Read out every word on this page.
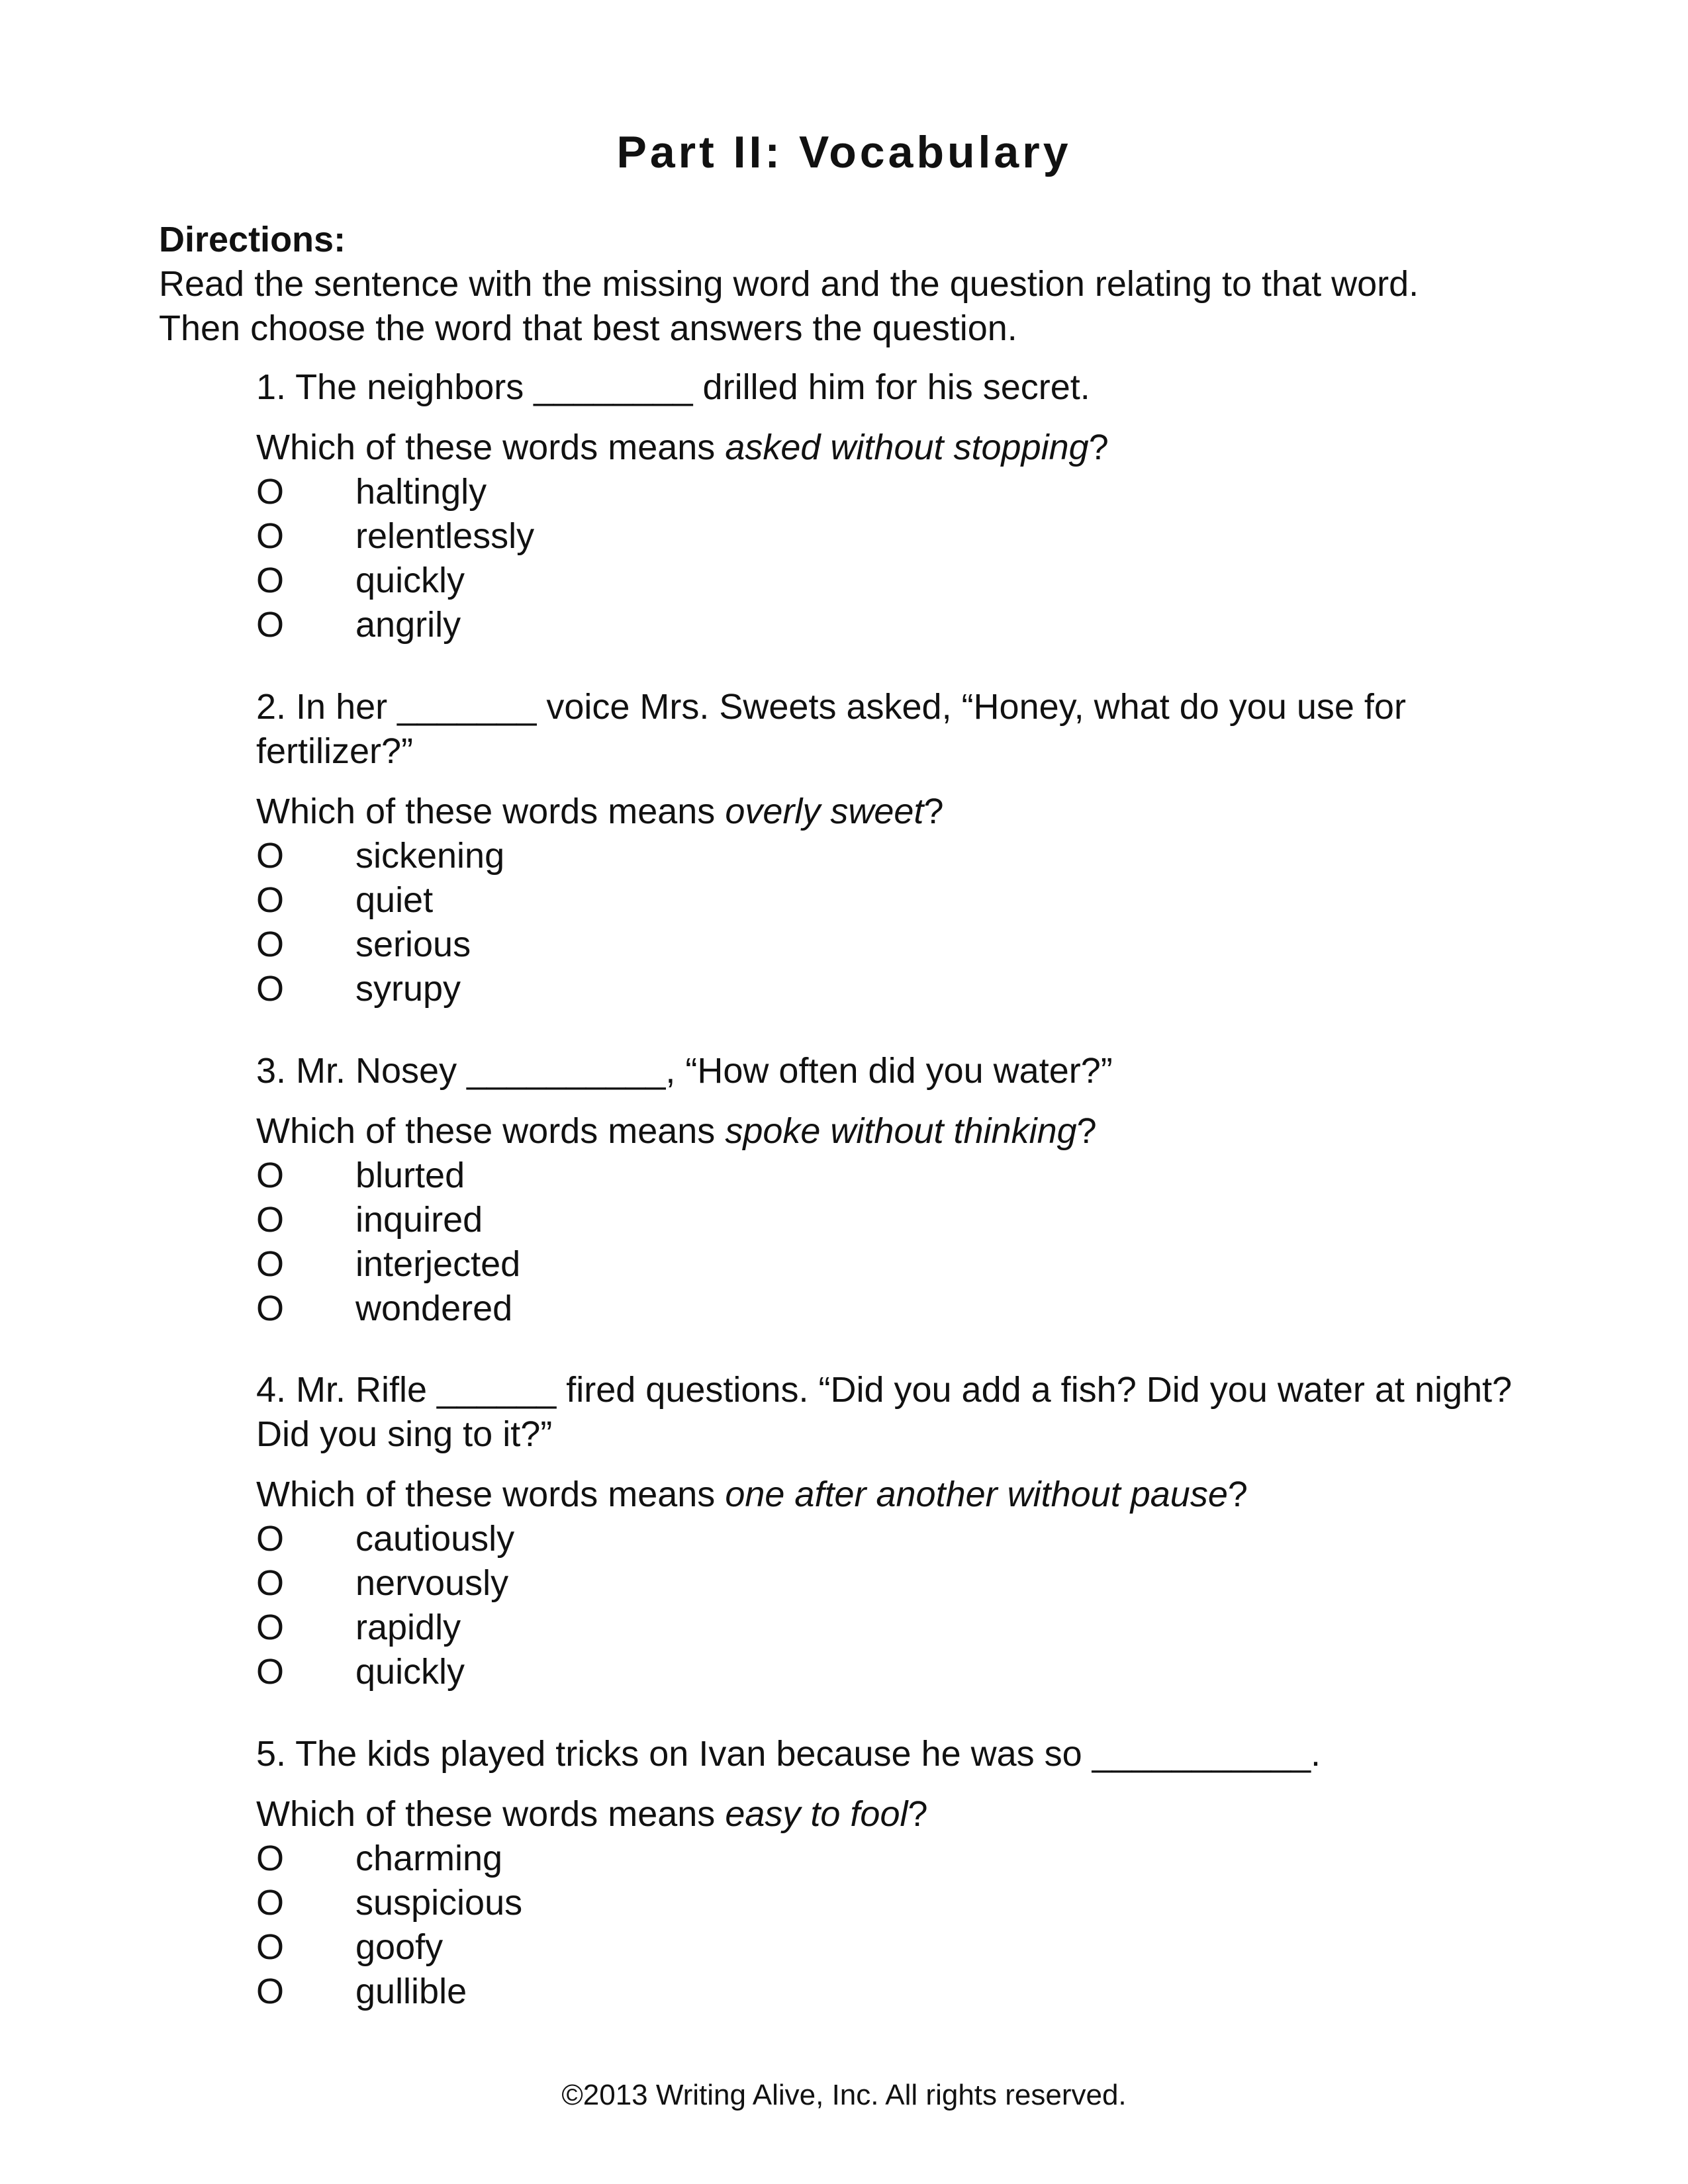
Part II: Vocabulary
Directions:
Read the sentence with the missing word and the question relating to that word.
Then choose the word that best answers the question.
1. The neighbors ________ drilled him for his secret.
Which of these words means asked without stopping?
O	haltingly
O	relentlessly
O	quickly
O	angrily
2. In her _______ voice Mrs. Sweets asked, “Honey, what do you use for fertilizer?”
Which of these words means overly sweet?
O	sickening
O	quiet
O	serious
O	syrupy
3. Mr. Nosey __________, “How often did you water?”
Which of these words means spoke without thinking?
O	blurted
O	inquired
O	interjected
O	wondered
4. Mr. Rifle ______ fired questions. “Did you add a fish? Did you water at night? Did you sing to it?”
Which of these words means one after another without pause?
O	cautiously
O	nervously
O	rapidly
O	quickly
5. The kids played tricks on Ivan because he was so ___________.
Which of these words means easy to fool?
O	charming
O	suspicious
O	goofy
O	gullible
©2013 Writing Alive, Inc. All rights reserved.
